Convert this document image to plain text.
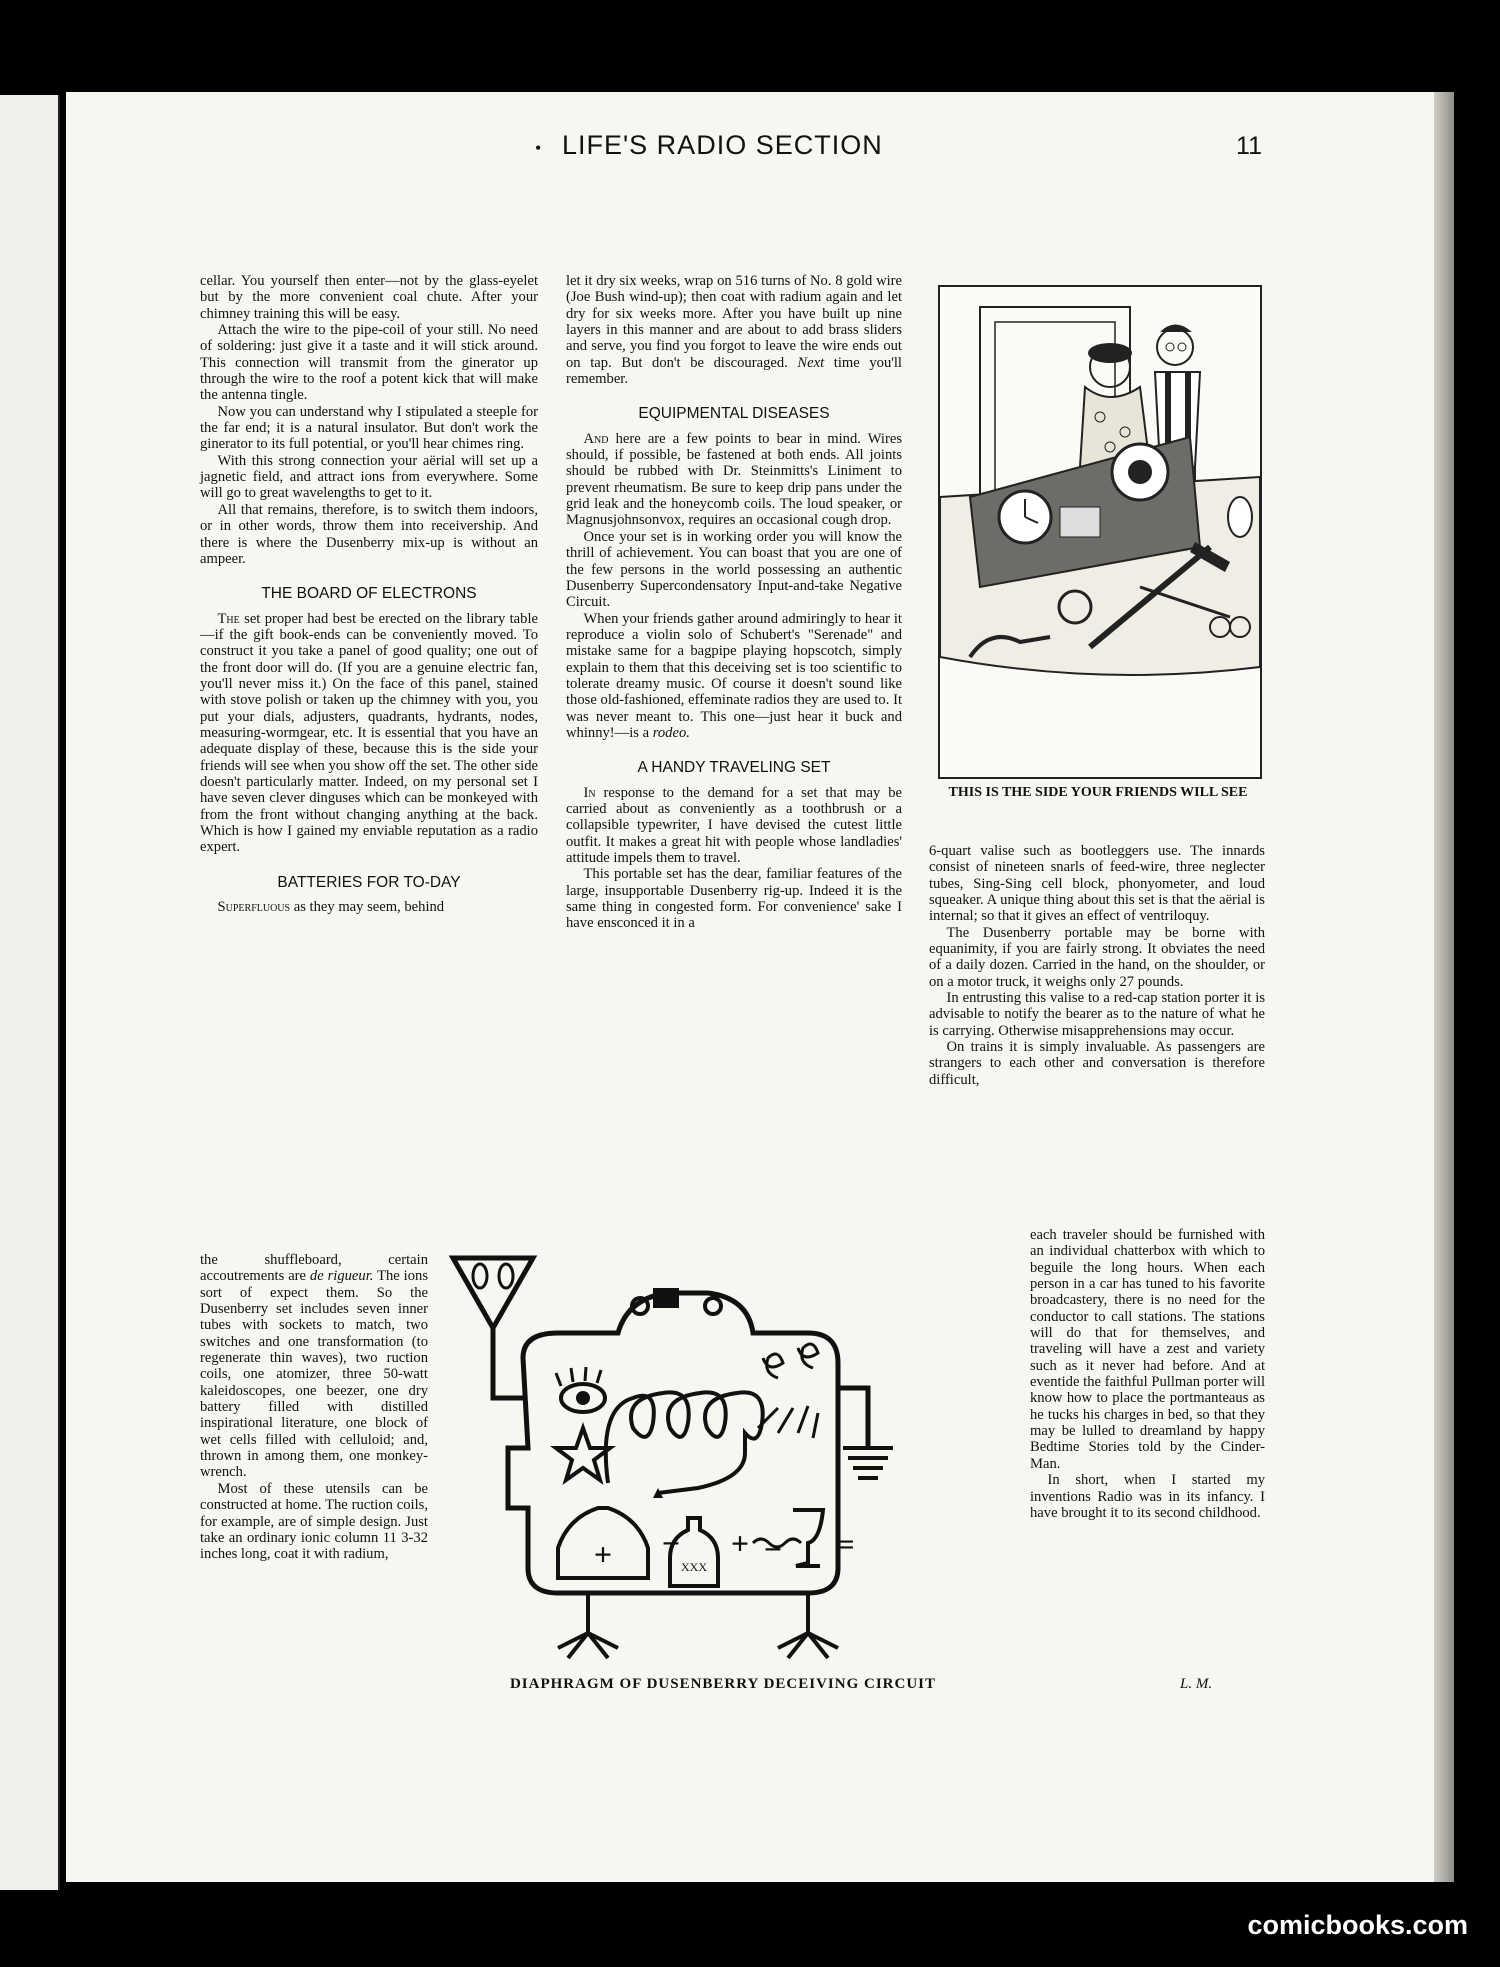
• LIFE'S RADIO SECTION	11

cellar. You yourself then enter—not by the glass-eyelet but by the more convenient coal chute. After your chimney training this will be easy.

Attach the wire to the pipe-coil of your still. No need of soldering: just give it a taste and it will stick around. This connection will transmit from the ginerator up through the wire to the roof a potent kick that will make the antenna tingle.

Now you can understand why I stipulated a steeple for the far end; it is a natural insulator. But don't work the ginerator to its full potential, or you'll hear chimes ring.

With this strong connection your aërial will set up a jagnetic field, and attract ions from everywhere. Some will go to great wavelengths to get to it.

All that remains, therefore, is to switch them indoors, or in other words, throw them into receivership. And there is where the Dusenberry mix-up is without an ampeer.

THE BOARD OF ELECTRONS

The set proper had best be erected on the library table—if the gift book-ends can be conveniently moved. To construct it you take a panel of good quality; one out of the front door will do. (If you are a genuine electric fan, you'll never miss it.) On the face of this panel, stained with stove polish or taken up the chimney with you, you put your dials, adjusters, quadrants, hydrants, nodes, measuring-wormgear, etc. It is essential that you have an adequate display of these, because this is the side your friends will see when you show off the set. The other side doesn't particularly matter. Indeed, on my personal set I have seven clever dinguses which can be monkeyed with from the front without changing anything at the back. Which is how I gained my enviable reputation as a radio expert.

BATTERIES FOR TO-DAY

Superfluous as they may seem, behind

the shuffleboard, certain accoutrements are de rigueur. The ions sort of expect them. So the Dusenberry set includes seven inner tubes with sockets to match, two switches and one transformation (to regenerate thin waves), two ruction coils, one atomizer, three 50-watt kaleidoscopes, one beezer, one dry battery filled with distilled inspirational literature, one block of wet cells filled with celluloid; and, thrown in among them, one monkey-wrench.

Most of these utensils can be constructed at home. The ruction coils, for example, are of simple design. Just take an ordinary ionic column 11 3-32 inches long, coat it with radium,

let it dry six weeks, wrap on 516 turns of No. 8 gold wire (Joe Bush wind-up); then coat with radium again and let dry for six weeks more. After you have built up nine layers in this manner and are about to add brass sliders and serve, you find you forgot to leave the wire ends out on tap. But don't be discouraged. Next time you'll remember.

EQUIPMENTAL DISEASES

And here are a few points to bear in mind. Wires should, if possible, be fastened at both ends. All joints should be rubbed with Dr. Steinmitts's Liniment to prevent rheumatism. Be sure to keep drip pans under the grid leak and the honeycomb coils. The loud speaker, or Magnusjohnsonvox, requires an occasional cough drop.

Once your set is in working order you will know the thrill of achievement. You can boast that you are one of the few persons in the world possessing an authentic Dusenberry Supercondensatory Input-and-take Negative Circuit.

When your friends gather around admiringly to hear it reproduce a violin solo of Schubert's "Serenade" and mistake same for a bagpipe playing hopscotch, simply explain to them that this deceiving set is too scientific to tolerate dreamy music. Of course it doesn't sound like those old-fashioned, effeminate radios they are used to. It was never meant to. This one—just hear it buck and whinny!—is a rodeo.

A HANDY TRAVELING SET

In response to the demand for a set that may be carried about as conveniently as a toothbrush or a collapsible typewriter, I have devised the cutest little outfit. It makes a great hit with people whose landladies' attitude impels them to travel.

This portable set has the dear, familiar features of the large, insupportable Dusenberry rig-up. Indeed it is the same thing in congested form. For convenience' sake I have ensconced it in a

THIS IS THE SIDE YOUR FRIENDS WILL SEE

6-quart valise such as bootleggers use. The innards consist of nineteen snarls of feed-wire, three neglecter tubes, Sing-Sing cell block, phonyometer, and loud squeaker. A unique thing about this set is that the aërial is internal; so that it gives an effect of ventriloquy.

The Dusenberry portable may be borne with equanimity, if you are fairly strong. It obviates the need of a daily dozen. Carried in the hand, on the shoulder, or on a motor truck, it weighs only 27 pounds.

In entrusting this valise to a red-cap station porter it is advisable to notify the bearer as to the nature of what he is carrying. Otherwise misapprehensions may occur.

On trains it is simply invaluable. As passengers are strangers to each other and conversation is therefore difficult,

each traveler should be furnished with an individual chatterbox with which to beguile the long hours. When each person in a car has tuned to his favorite broadcastery, there is no need for the conductor to call stations. The stations will do that for themselves, and traveling will have a zest and variety such as it never had before. And at eventide the faithful Pullman porter will know how to place the portmanteaus as he tucks his charges in bed, so that they may be lulled to dreamland by happy Bedtime Stories told by the Cinder-Man.

In short, when I started my inventions Radio was in its infancy. I have brought it to its second childhood.

+ −
XXX
+ − =
DIAPHRAGM OF DUSENBERRY DECEIVING CIRCUIT	L. M.
comicbooks.com
